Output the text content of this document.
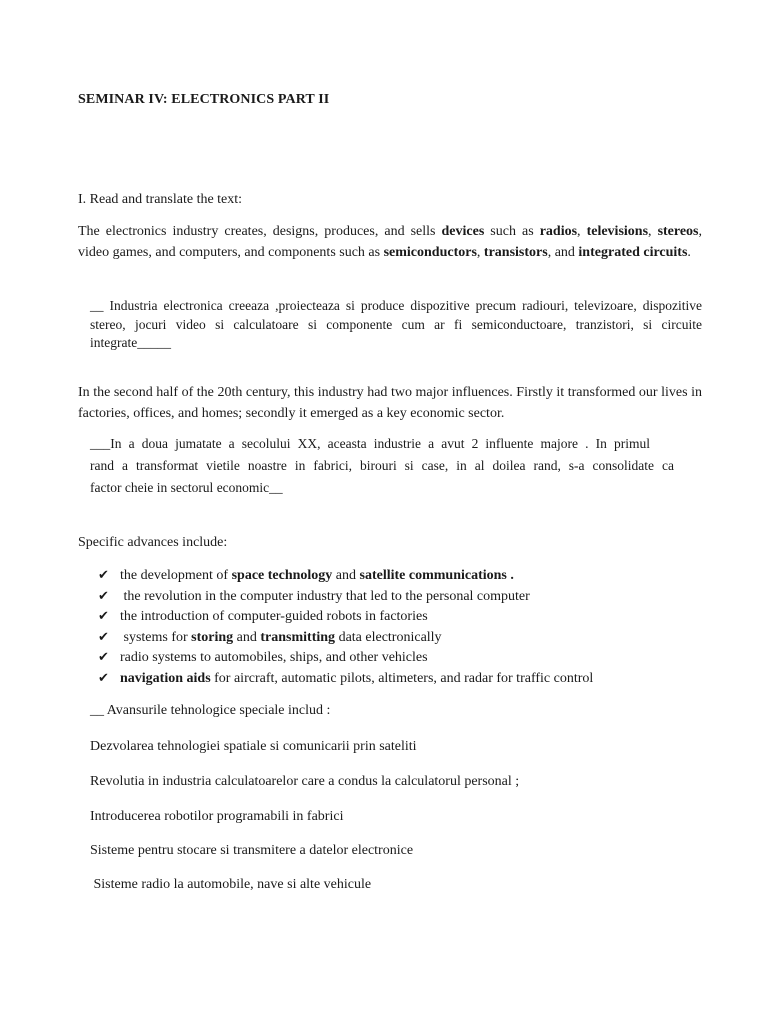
SEMINAR IV: ELECTRONICS PART II
I. Read and translate the text:
The electronics industry creates, designs, produces, and sells devices such as radios, televisions, stereos, video games, and computers, and components such as semiconductors, transistors, and integrated circuits.
__ Industria electronica creeaza ,proiecteaza si produce dispozitive precum radiouri, televizoare, dispozitive stereo, jocuri video si calculatoare si componente cum ar fi semiconductoare, tranzistori, si circuite integrate_____
In the second half of the 20th century, this industry had two major influences. Firstly it transformed our lives in factories, offices, and homes; secondly it emerged as a key economic sector.
___In a doua jumatate a secolului XX, aceasta industrie a avut 2 influente majore . In primul
rand a transformat vietile noastre in fabrici, birouri si case, in al doilea rand, s-a consolidate ca
factor cheie in sectorul economic__
Specific advances include:
✔ the development of space technology and satellite communications .
✔ the revolution in the computer industry that led to the personal computer
✔ the introduction of computer-guided robots in factories
✔ systems for storing and transmitting data electronically
✔ radio systems to automobiles, ships, and other vehicles
✔ navigation aids for aircraft, automatic pilots, altimeters, and radar for traffic control
__ Avansurile tehnologice speciale includ :
Dezvolarea tehnologiei spatiale si comunicarii prin sateliti
Revolutia in industria calculatoarelor care a condus la calculatorul personal ;
Introducerea robotilor programabili in fabrici
Sisteme pentru stocare si transmitere a datelor electronice
Sisteme radio la automobile, nave si alte vehicule
